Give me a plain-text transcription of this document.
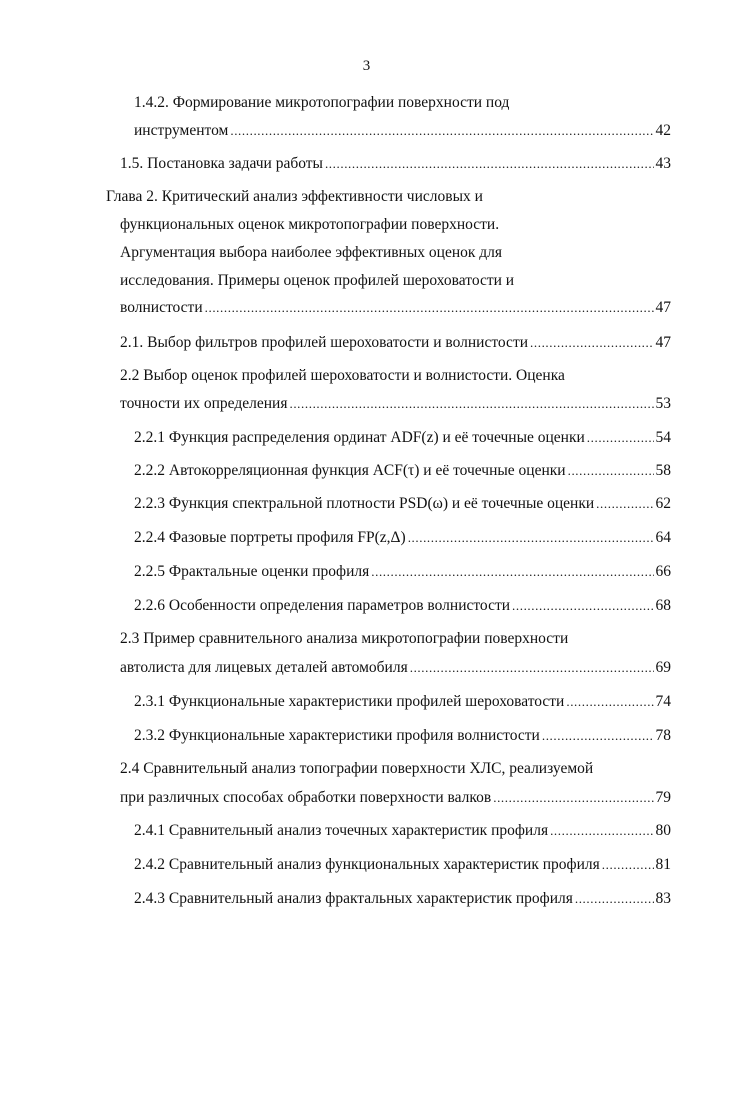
3
1.4.2. Формирование микротопографии поверхности под
инструментом .....	42
1.5. Постановка задачи работы .....	43
Глава 2. Критический анализ эффективности числовых и
функциональных оценок микротопографии поверхности.
Аргументация выбора наиболее эффективных оценок для
исследования. Примеры оценок профилей шероховатости и
волнистости .....	47
2.1. Выбор фильтров профилей шероховатости и волнистости .....	47
2.2 Выбор оценок профилей шероховатости и волнистости. Оценка
точности их определения .....	53
2.2.1 Функция распределения ординат ADF(z) и её точечные оценки .....	54
2.2.2 Автокорреляционная функция ACF(τ) и её точечные оценки .....	58
2.2.3 Функция спектральной плотности PSD(ω) и её точечные оценки .....	62
2.2.4 Фазовые портреты профиля FP(z,Δ) .....	64
2.2.5 Фрактальные оценки профиля .....	66
2.2.6 Особенности определения параметров волнистости .....	68
2.3 Пример сравнительного анализа микротопографии поверхности
автолиста для лицевых деталей автомобиля .....	69
2.3.1 Функциональные характеристики профилей шероховатости .....	74
2.3.2 Функциональные характеристики профиля волнистости .....	78
2.4 Сравнительный анализ топографии поверхности ХЛС, реализуемой
при различных способах обработки поверхности валков .....	79
2.4.1 Сравнительный анализ точечных характеристик профиля .....	80
2.4.2 Сравнительный анализ функциональных характеристик профиля .....	81
2.4.3 Сравнительный анализ фрактальных характеристик профиля .....	83
